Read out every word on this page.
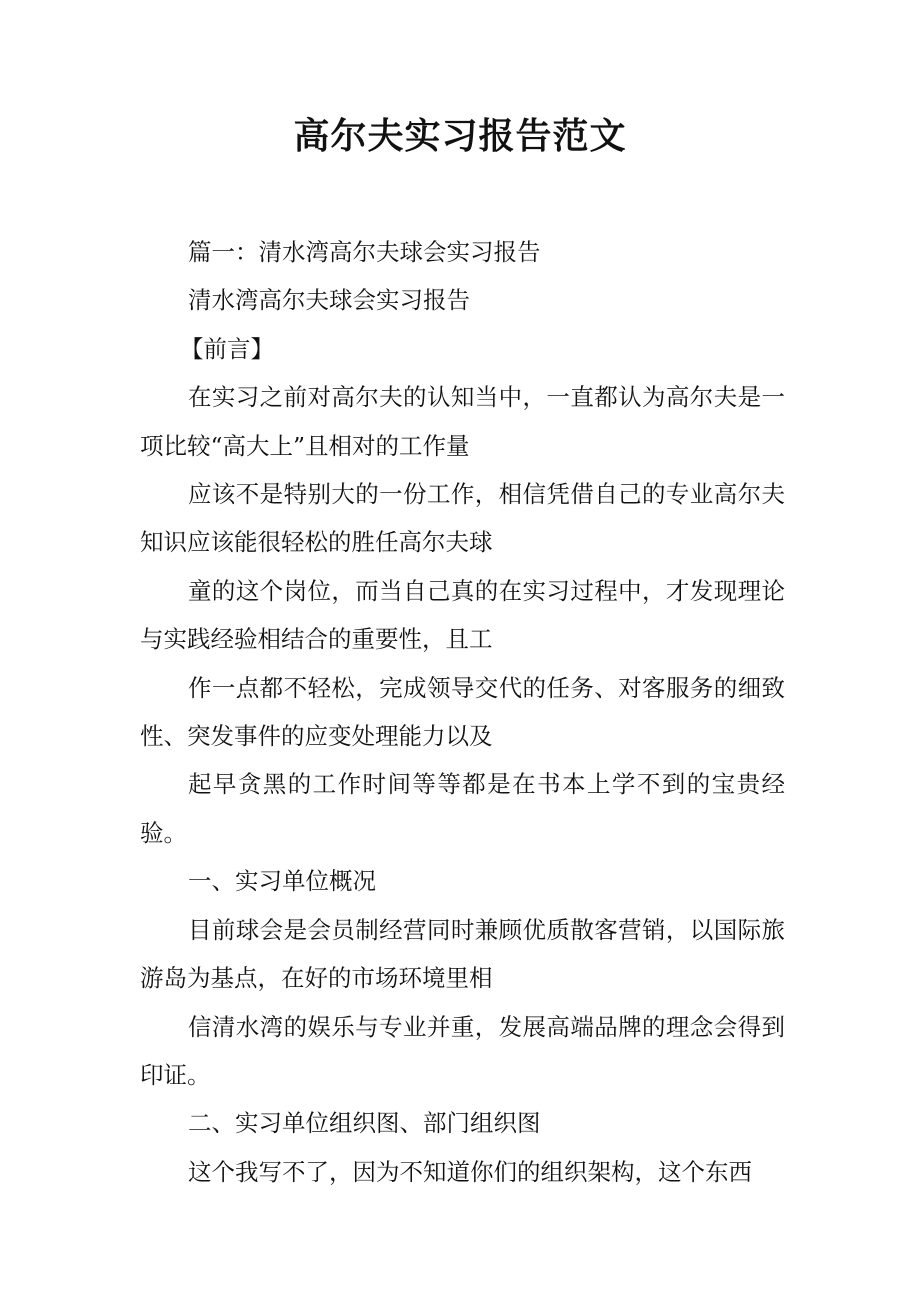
高尔夫实习报告范文

篇一：清水湾高尔夫球会实习报告

清水湾高尔夫球会实习报告

【前言】

在实习之前对高尔夫的认知当中，一直都认为高尔夫是一项比较“高大上”且相对的工作量

应该不是特别大的一份工作，相信凭借自己的专业高尔夫知识应该能很轻松的胜任高尔夫球

童的这个岗位，而当自己真的在实习过程中，才发现理论与实践经验相结合的重要性，且工

作一点都不轻松，完成领导交代的任务、对客服务的细致性、突发事件的应变处理能力以及

起早贪黑的工作时间等等都是在书本上学不到的宝贵经验。

一、实习单位概况

目前球会是会员制经营同时兼顾优质散客营销，以国际旅游岛为基点，在好的市场环境里相

信清水湾的娱乐与专业并重，发展高端品牌的理念会得到印证。

二、实习单位组织图、部门组织图

这个我写不了，因为不知道你们的组织架构，这个东西
